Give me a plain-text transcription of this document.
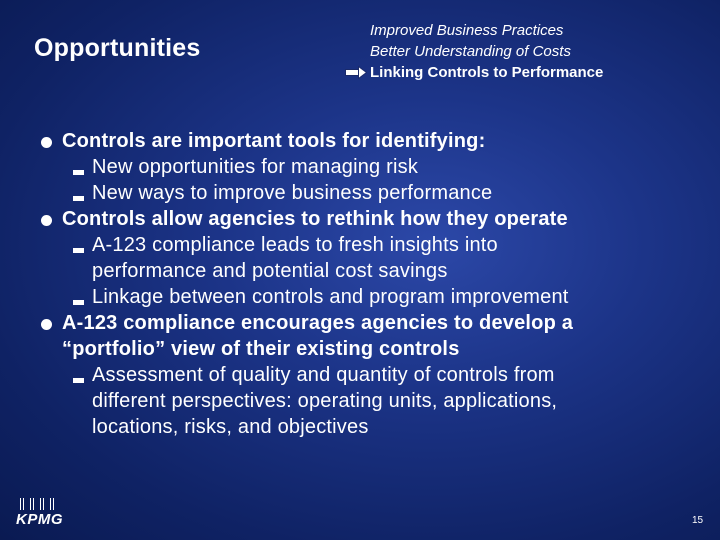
Opportunities
Improved Business Practices
Better Understanding of Costs
Linking Controls to Performance
Controls are important tools for identifying:
New opportunities for managing risk
New ways to improve business performance
Controls allow agencies to rethink how they operate
A-123 compliance leads to fresh insights into
performance and potential cost savings
Linkage between controls and program improvement
A-123 compliance encourages agencies to develop a
“portfolio” view of their existing controls
Assessment of quality and quantity of controls from
different perspectives: operating units, applications,
locations, risks, and objectives
KPMG	15
